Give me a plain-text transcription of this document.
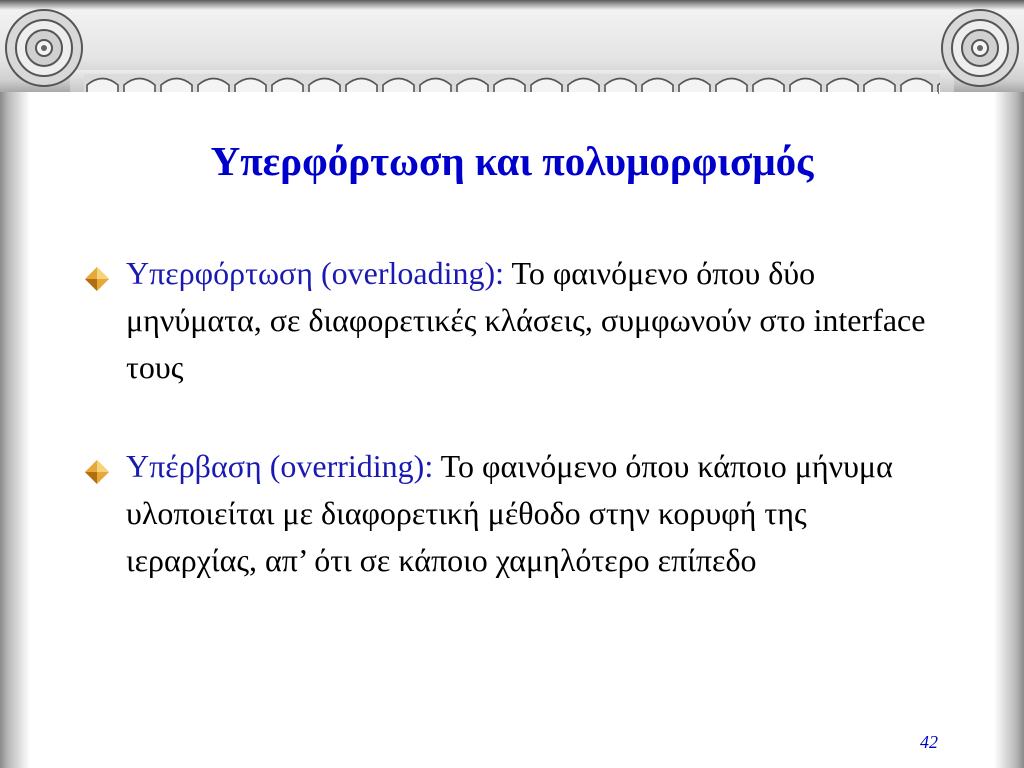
Υπερφόρτωση και πολυμορφισμός
Υπερφόρτωση (overloading): Το φαινόμενο όπου δύο μηνύματα, σε διαφορετικές κλάσεις, συμφωνούν στο interface τους
Υπέρβαση (overriding): Το φαινόμενο όπου κάποιο μήνυμα υλοποιείται με διαφορετική μέθοδο στην κορυφή της ιεραρχίας, απ’ ότι σε κάποιο χαμηλότερο επίπεδο
42
